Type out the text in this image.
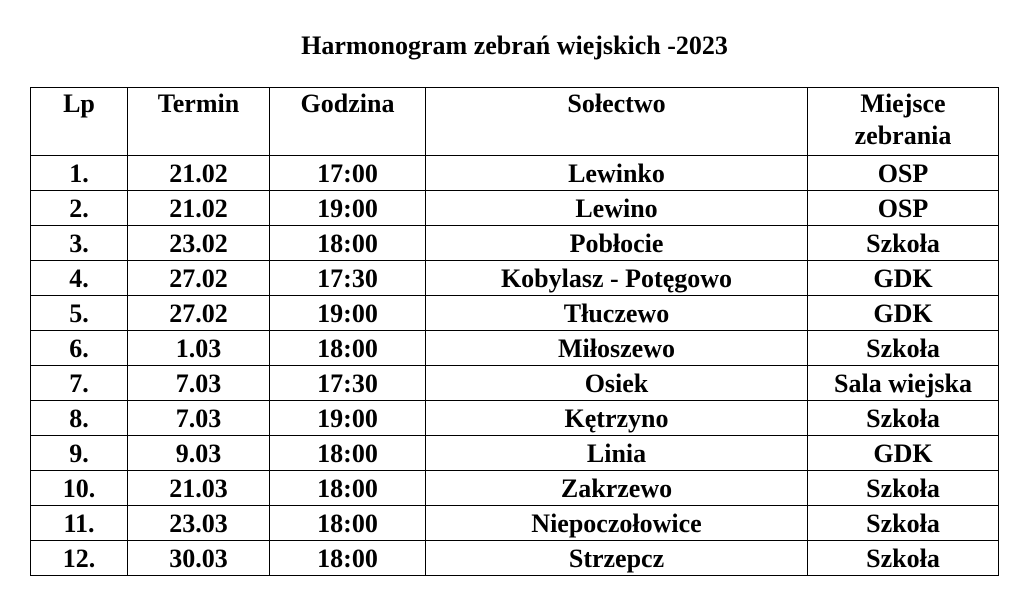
Harmonogram zebrań wiejskich -2023
Lp	Termin	Godzina	Sołectwo	Miejsce
zebrania
1.	21.02	17:00	Lewinko	OSP
2.	21.02	19:00	Lewino	OSP
3.	23.02	18:00	Pobłocie	Szkoła
4.	27.02	17:30	Kobylasz - Potęgowo	GDK
5.	27.02	19:00	Tłuczewo	GDK
6.	1.03	18:00	Miłoszewo	Szkoła
7.	7.03	17:30	Osiek	Sala wiejska
8.	7.03	19:00	Kętrzyno	Szkoła
9.	9.03	18:00	Linia	GDK
10.	21.03	18:00	Zakrzewo	Szkoła
11.	23.03	18:00	Niepoczołowice	Szkoła
12.	30.03	18:00	Strzepcz	Szkoła
